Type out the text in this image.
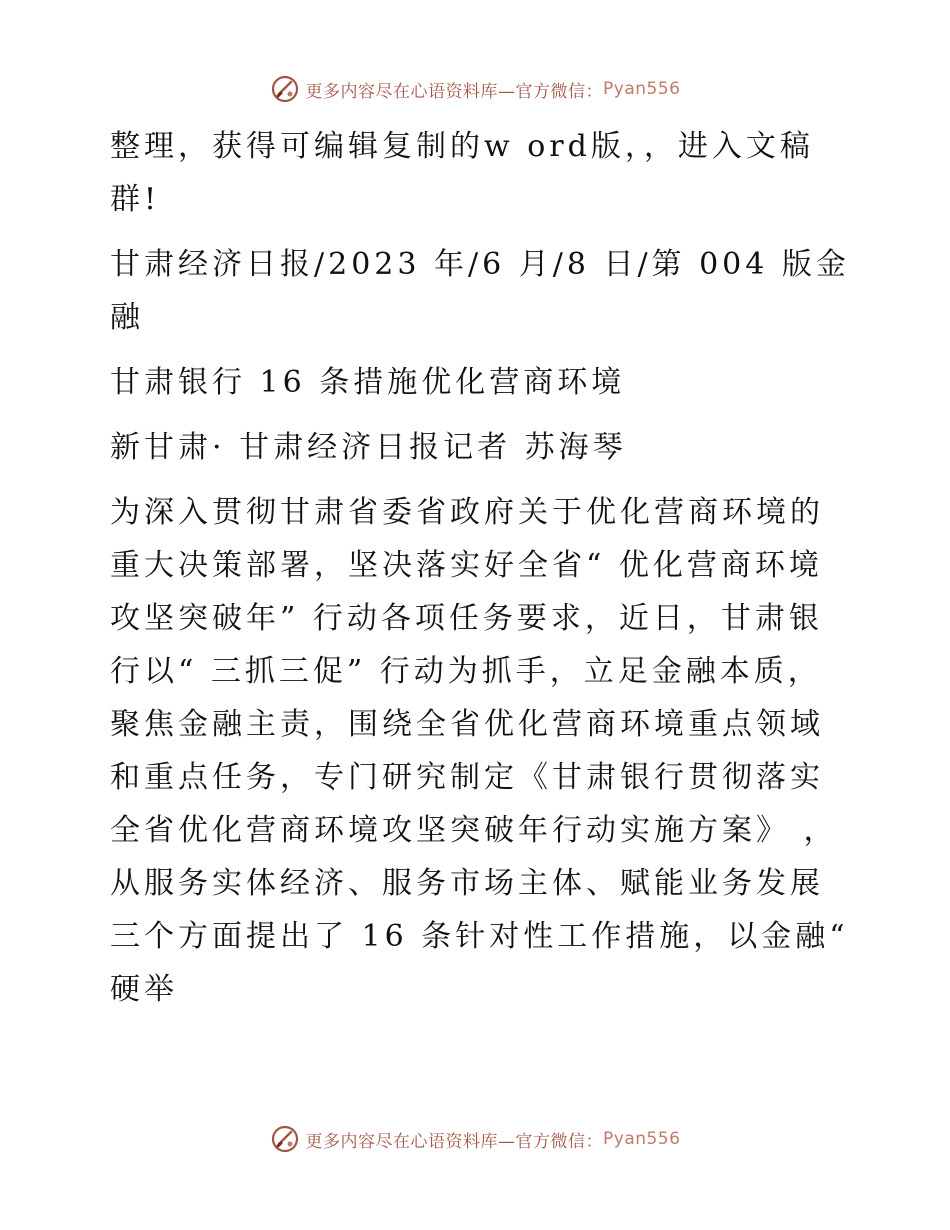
更多内容尽在心语资料库—官方微信： Pyan556

整理，获得可编辑复制的w ord版，，进入文稿群!

甘肃经济日报/2023 年/6 月/8 日/第 004 版金融

甘肃银行 16 条措施优化营商环境

新甘肃· 甘肃经济日报记者 苏海琴

为深入贯彻甘肃省委省政府关于优化营商环境的重大决策部署，坚决落实好全省“ 优化营商环境攻坚突破年” 行动各项任务要求，近日，甘肃银行以“ 三抓三促” 行动为抓手，立足金融本质，聚焦金融主责，围绕全省优化营商环境重点领域和重点任务，专门研究制定《甘肃银行贯彻落实全省优化营商环境攻坚突破年行动实施方案》 ，从服务实体经济、服务市场主体、赋能业务发展三个方面提出了 16 条针对性工作措施，以金融“ 硬举

更多内容尽在心语资料库—官方微信： Pyan556
